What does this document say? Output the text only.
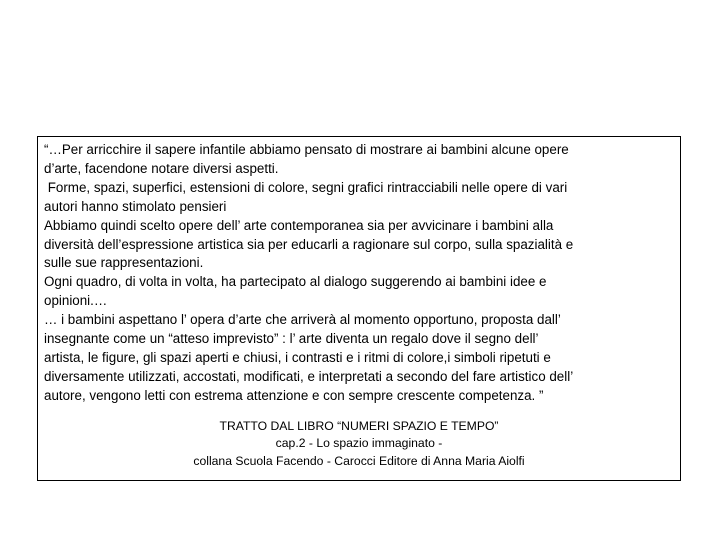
“…Per arricchire il sapere infantile abbiamo pensato di mostrare ai bambini alcune opere
d’arte, facendone notare diversi aspetti.
Forme, spazi, superfici, estensioni di colore, segni grafici rintracciabili nelle opere di vari
autori hanno stimolato pensieri
Abbiamo quindi scelto opere dell’ arte contemporanea sia per avvicinare i bambini alla
diversità dell’espressione artistica sia per educarli a ragionare sul corpo, sulla spazialità e
sulle sue rappresentazioni.
Ogni quadro, di volta in volta, ha partecipato al dialogo suggerendo ai bambini idee e
opinioni.…
… i bambini aspettano l’ opera d’arte che arriverà al momento opportuno, proposta dall’
insegnante come un “atteso imprevisto” : l’ arte diventa un regalo dove il segno dell’
artista, le figure, gli spazi aperti e chiusi, i contrasti e i ritmi di colore,i simboli ripetuti e
diversamente utilizzati, accostati, modificati, e interpretati a secondo del fare artistico dell’
autore, vengono letti con estrema attenzione e con sempre crescente competenza. ”
TRATTO DAL LIBRO “NUMERI SPAZIO E TEMPO”
cap.2 - Lo spazio immaginato -
collana Scuola Facendo - Carocci Editore di Anna Maria Aiolfi
